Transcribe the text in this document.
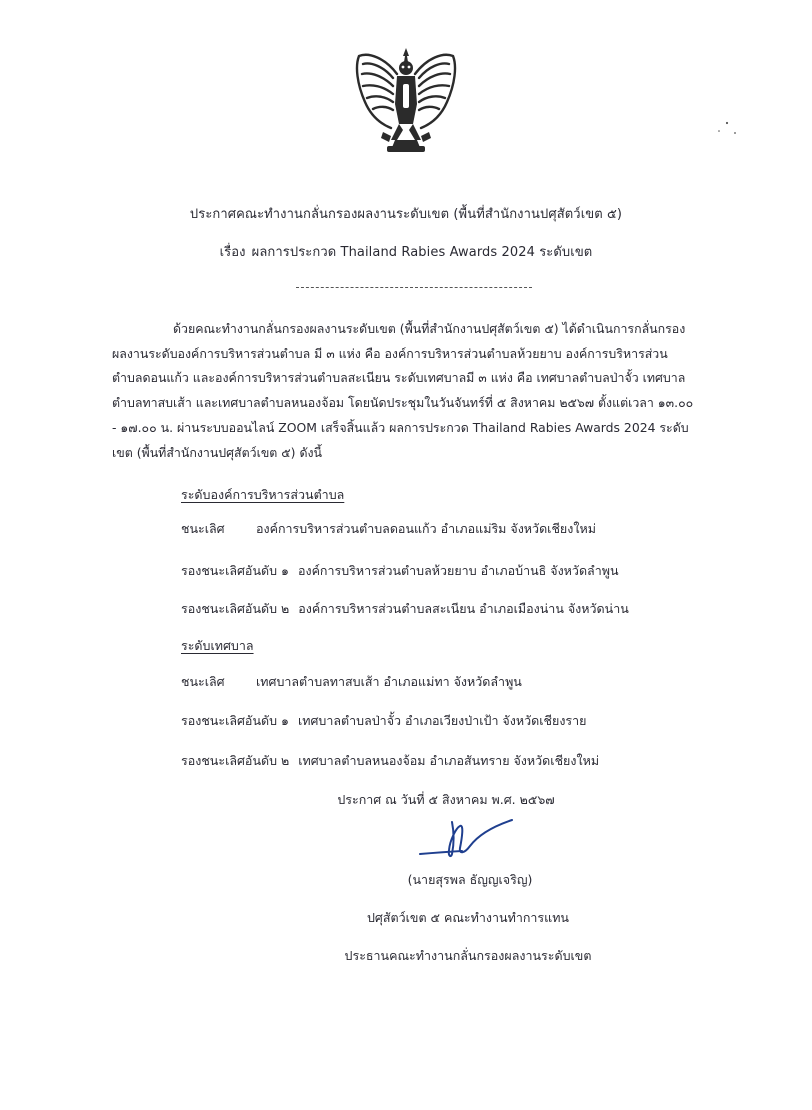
ประกาศคณะทำงานกลั่นกรองผลงานระดับเขต (พื้นที่สำนักงานปศุสัตว์เขต ๕)
เรื่อง ผลการประกวด Thailand Rabies Awards 2024 ระดับเขต
ด้วยคณะทำงานกลั่นกรองผลงานระดับเขต (พื้นที่สำนักงานปศุสัตว์เขต ๕) ได้ดำเนินการกลั่นกรอง
ผลงานระดับองค์การบริหารส่วนตำบล มี ๓ แห่ง คือ องค์การบริหารส่วนตำบลห้วยยาบ องค์การบริหารส่วน
ตำบลดอนแก้ว และองค์การบริหารส่วนตำบลสะเนียน ระดับเทศบาลมี ๓ แห่ง คือ เทศบาลตำบลป่าจั้ว เทศบาล
ตำบลทาสบเส้า และเทศบาลตำบลหนองจ้อม โดยนัดประชุมในวันจันทร์ที่ ๕ สิงหาคม ๒๕๖๗ ตั้งแต่เวลา ๑๓.๐๐
- ๑๗.๐๐ น. ผ่านระบบออนไลน์ ZOOM เสร็จสิ้นแล้ว ผลการประกวด Thailand Rabies Awards 2024 ระดับ
เขต (พื้นที่สำนักงานปศุสัตว์เขต ๕) ดังนี้
ระดับองค์การบริหารส่วนตำบล
ชนะเลิศ	องค์การบริหารส่วนตำบลดอนแก้ว อำเภอแม่ริม จังหวัดเชียงใหม่
รองชนะเลิศอันดับ ๑ องค์การบริหารส่วนตำบลห้วยยาบ อำเภอบ้านธิ จังหวัดลำพูน
รองชนะเลิศอันดับ ๒ องค์การบริหารส่วนตำบลสะเนียน อำเภอเมืองน่าน จังหวัดน่าน
ระดับเทศบาล
ชนะเลิศ	เทศบาลตำบลทาสบเส้า อำเภอแม่ทา จังหวัดลำพูน
รองชนะเลิศอันดับ ๑ เทศบาลตำบลป่าจั้ว อำเภอเวียงป่าเป้า จังหวัดเชียงราย
รองชนะเลิศอันดับ ๒ เทศบาลตำบลหนองจ้อม อำเภอสันทราย จังหวัดเชียงใหม่
ประกาศ ณ วันที่ ๕ สิงหาคม พ.ศ. ๒๕๖๗
(นายสุรพล ธัญญเจริญ)
ปศุสัตว์เขต ๕ คณะทำงานทำการแทน
ประธานคณะทำงานกลั่นกรองผลงานระดับเขต
